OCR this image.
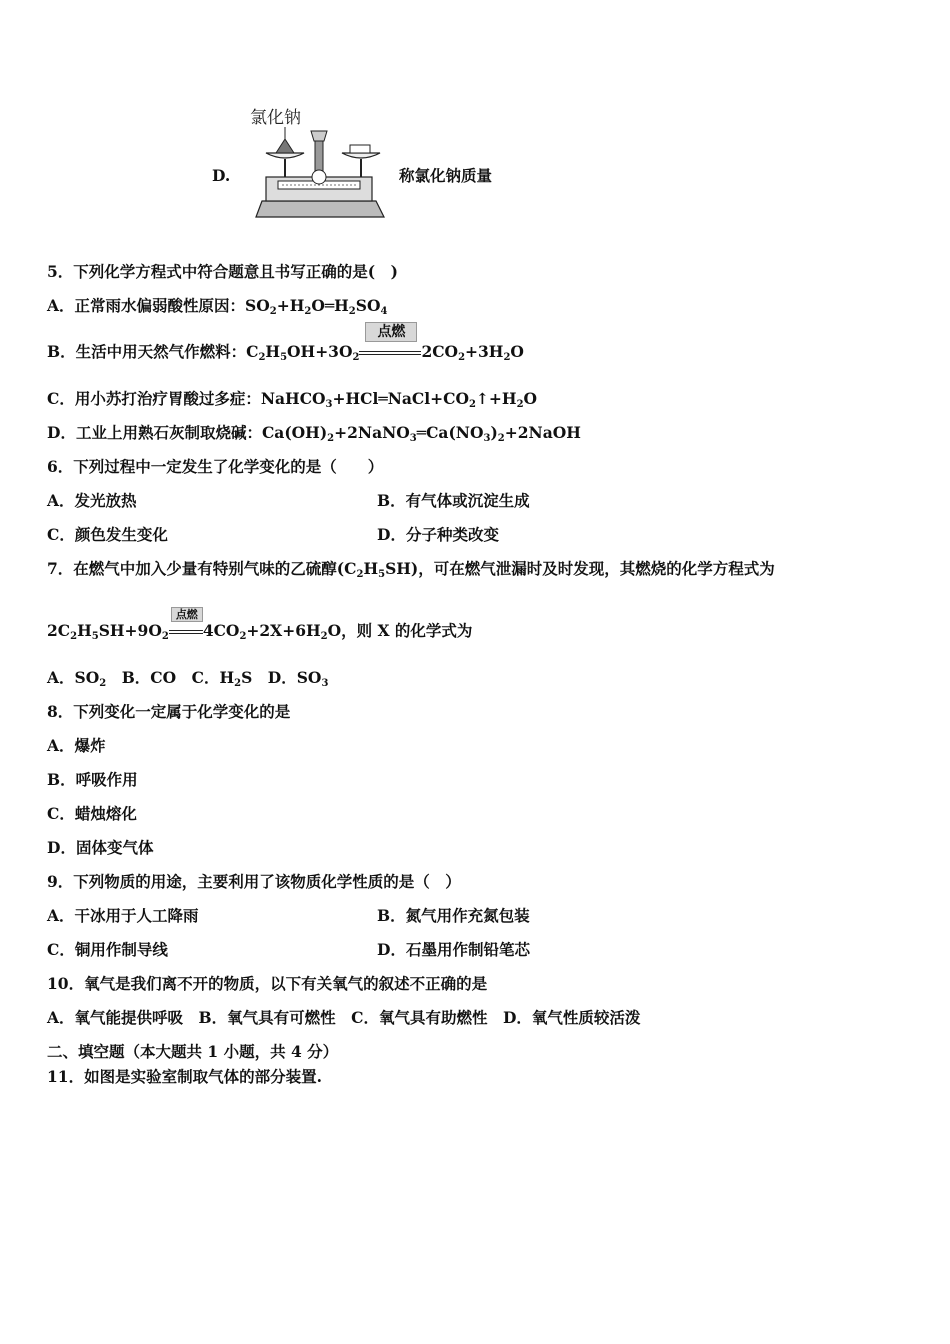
D.
氯化钠
称氯化钠质量
5．下列化学方程式中符合题意且书写正确的是(　)
A．正常雨水偏弱酸性原因：$SO_2+H_2O═H_2SO_4$
B．生活中用天然气作燃料：$C_2H_5OH+3O_2$
点燃
$2CO_2+3H_2O$
C．用小苏打治疗胃酸过多症：$NaHCO_3+HCl═NaCl+CO_2↑+H_2O$
D．工业上用熟石灰制取烧碱：$Ca(OH)_2+2NaNO_3═Ca(NO_3)_2+2NaOH$
6．下列过程中一定发生了化学变化的是（　　）
A．发光放热	B．有气体或沉淀生成
C．颜色发生变化	D．分子种类改变
7．在燃气中加入少量有特别气味的乙硫醇$(C_2H_5SH)$，可在燃气泄漏时及时发现，其燃烧的化学方程式为
$2C_2H_5SH+9O_2$
点燃
$4CO_2+2X+6H_2O$，则 X 的化学式为
A．$SO_2$　B．CO　C．$H_2S$　D．$SO_3$
8．下列变化一定属于化学变化的是
A．爆炸
B．呼吸作用
C．蜡烛熔化
D．固体变气体
9．下列物质的用途，主要利用了该物质化学性质的是（　）
A．干冰用于人工降雨	B．氮气用作充氮包装
C．铜用作制导线	D．石墨用作制铅笔芯
10．氧气是我们离不开的物质，以下有关氧气的叙述不正确的是
A．氧气能提供呼吸　B．氧气具有可燃性　C．氧气具有助燃性　D．氧气性质较活泼
二、填空题（本大题共 1 小题，共 4 分）
11．如图是实验室制取气体的部分装置.
